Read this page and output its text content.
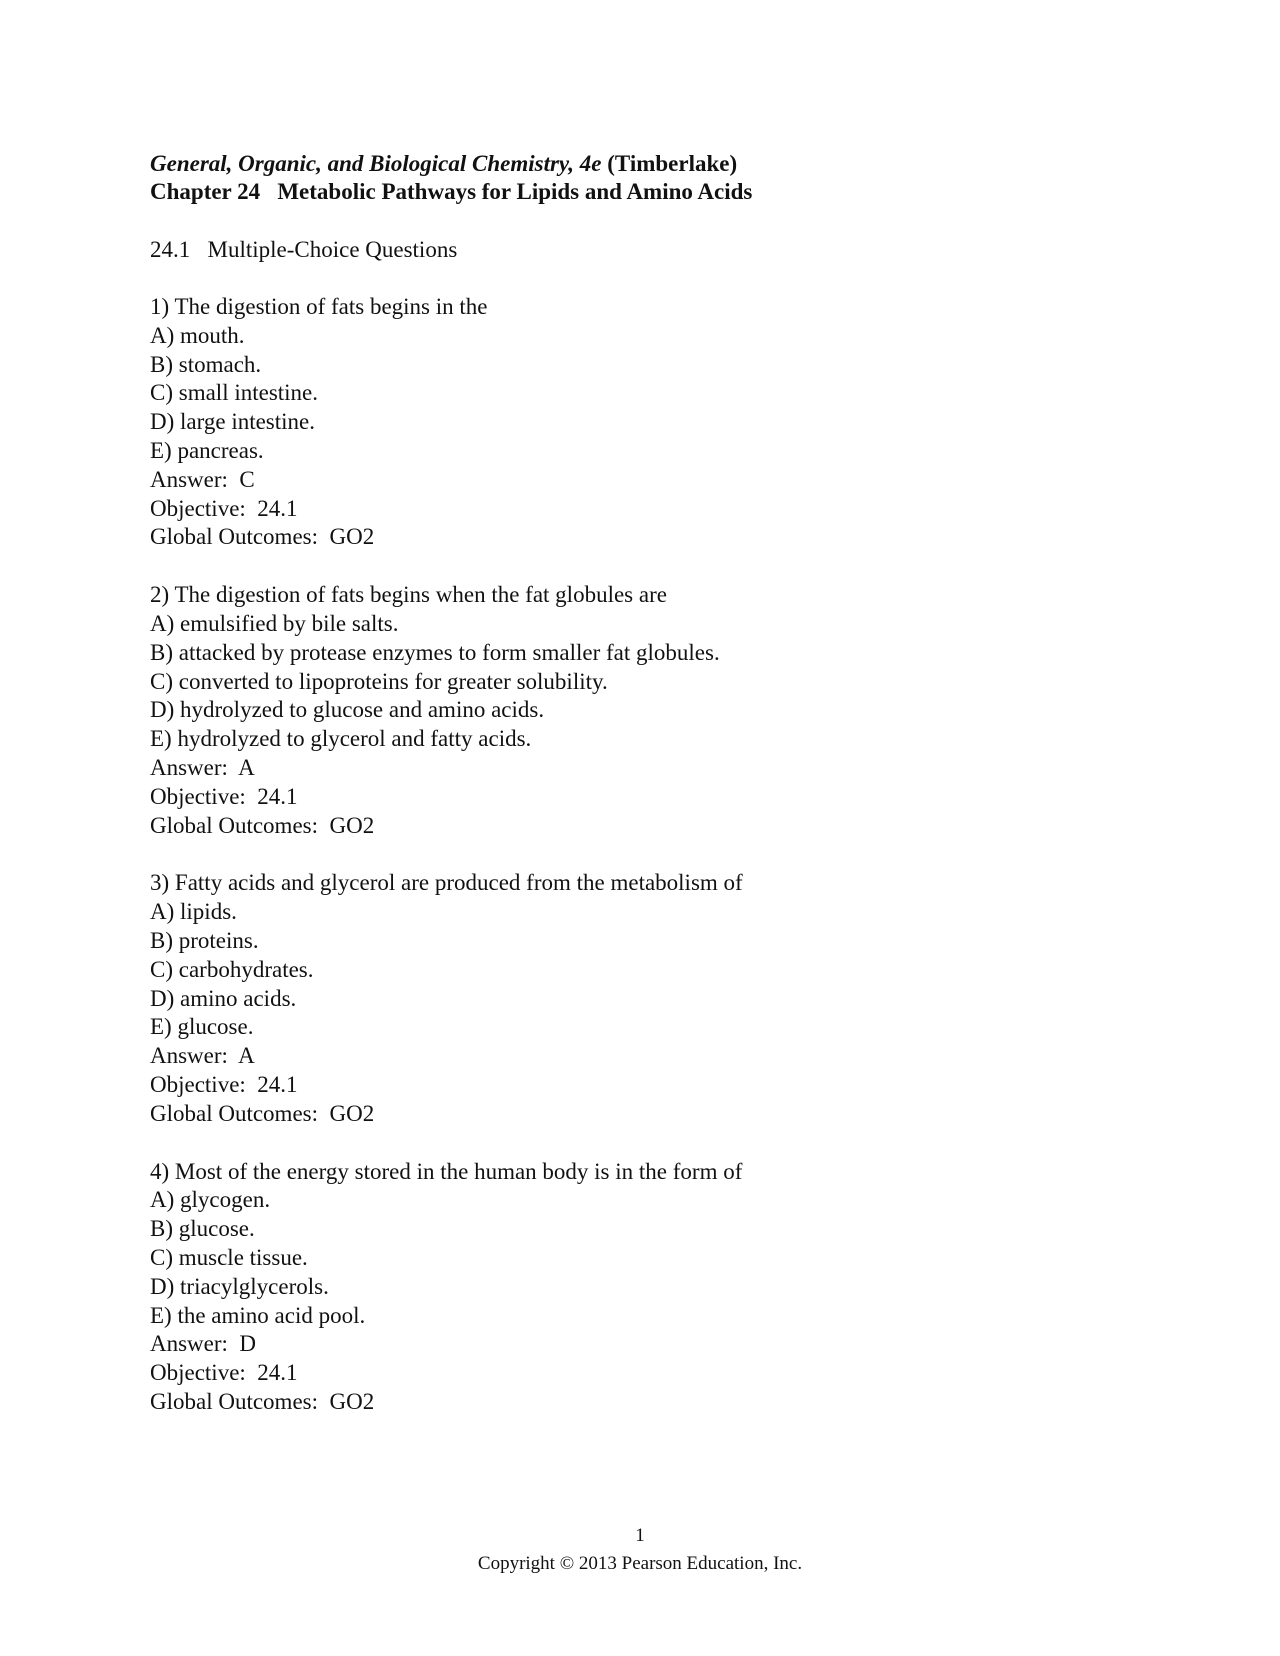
General, Organic, and Biological Chemistry, 4e (Timberlake)
Chapter 24   Metabolic Pathways for Lipids and Amino Acids
24.1   Multiple-Choice Questions
1) The digestion of fats begins in the
A) mouth.
B) stomach.
C) small intestine.
D) large intestine.
E) pancreas.
Answer:  C
Objective:  24.1
Global Outcomes:  GO2
2) The digestion of fats begins when the fat globules are
A) emulsified by bile salts.
B) attacked by protease enzymes to form smaller fat globules.
C) converted to lipoproteins for greater solubility.
D) hydrolyzed to glucose and amino acids.
E) hydrolyzed to glycerol and fatty acids.
Answer:  A
Objective:  24.1
Global Outcomes:  GO2
3) Fatty acids and glycerol are produced from the metabolism of
A) lipids.
B) proteins.
C) carbohydrates.
D) amino acids.
E) glucose.
Answer:  A
Objective:  24.1
Global Outcomes:  GO2
4) Most of the energy stored in the human body is in the form of
A) glycogen.
B) glucose.
C) muscle tissue.
D) triacylglycerols.
E) the amino acid pool.
Answer:  D
Objective:  24.1
Global Outcomes:  GO2
1
Copyright © 2013 Pearson Education, Inc.
